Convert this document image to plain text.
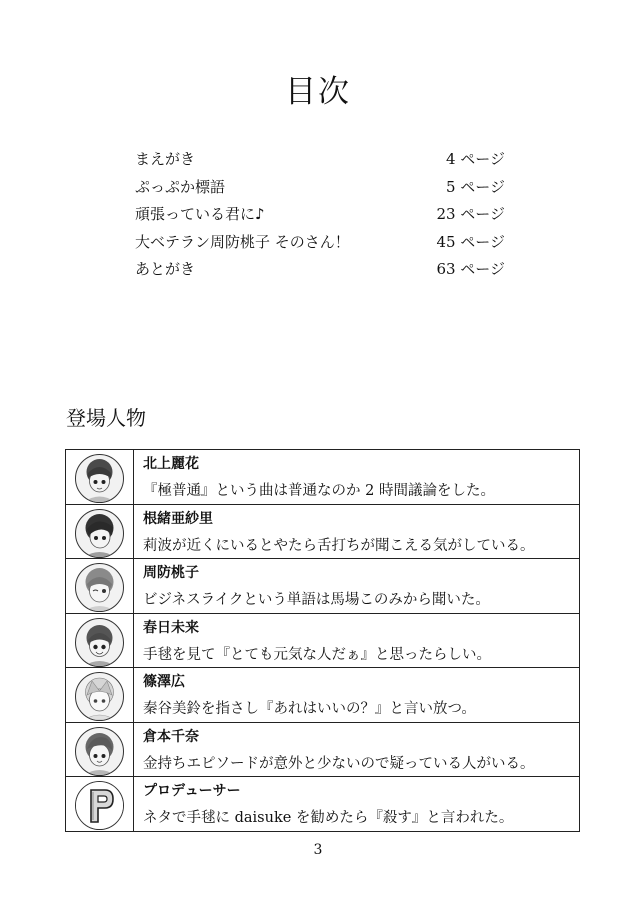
目次
まえがき	4 ページ
ぷっぷか標語	5 ページ
頑張っている君に♪	23 ページ
大ベテラン周防桃子 そのさん！	45 ページ
あとがき	63 ページ
登場人物
北上麗花
『極普通』という曲は普通なのか 2 時間議論をした。
根緒亜紗里
莉波が近くにいるとやたら舌打ちが聞こえる気がしている。
周防桃子
ビジネスライクという単語は馬場このみから聞いた。
春日未来
手毬を見て『とても元気な人だぁ』と思ったらしい。
篠澤広
秦谷美鈴を指さし『あれはいいの？』と言い放つ。
倉本千奈
金持ちエピソードが意外と少ないので疑っている人がいる。
プロデューサー
ネタで手毬に daisuke を勧めたら『殺す』と言われた。
3
